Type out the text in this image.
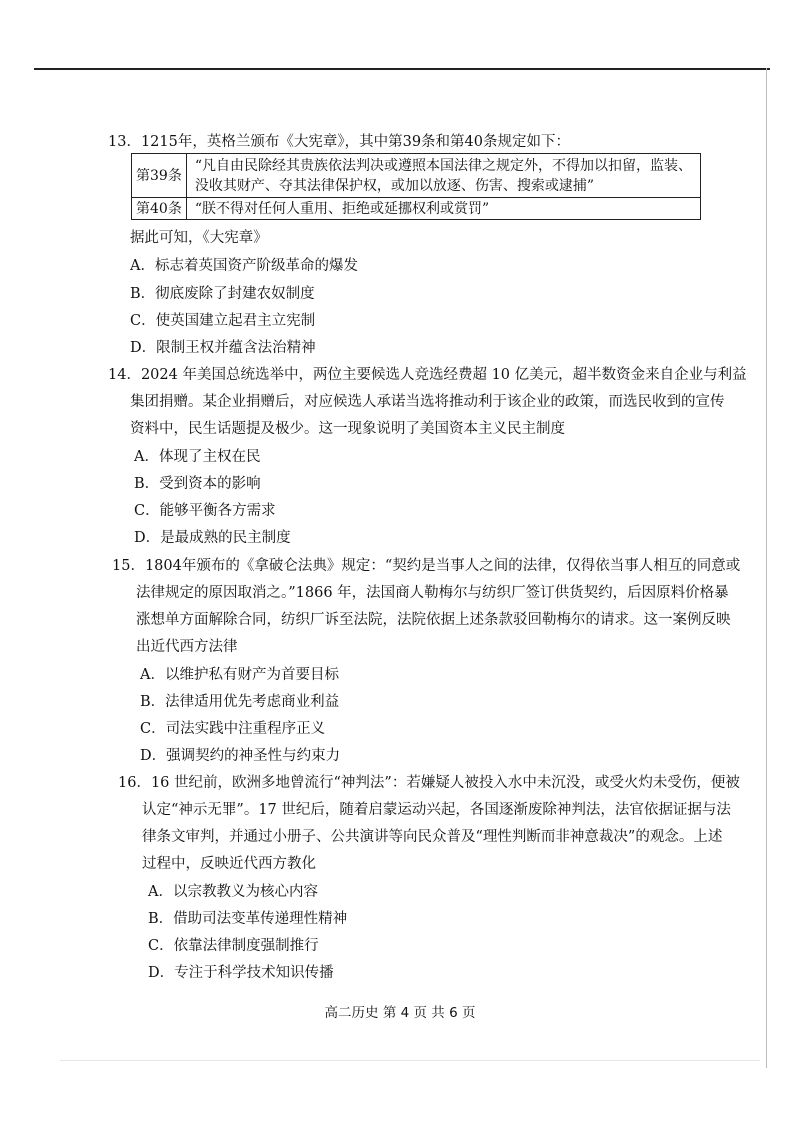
13．1215年，英格兰颁布《大宪章》，其中第39条和第40条规定如下：
第39条	“凡自由民除经其贵族依法判决或遵照本国法律之规定外，不得加以扣留，监装、
没收其财产、夺其法律保护权，或加以放逐、伤害、搜索或逮捕”

第40条	“朕不得对任何人重用、拒绝或延挪权利或赏罚”
据此可知，《大宪章》
A．标志着英国资产阶级革命的爆发
B．彻底废除了封建农奴制度
C．使英国建立起君主立宪制
D．限制王权并蕴含法治精神
14．2024 年美国总统选举中，两位主要候选人竞选经费超 10 亿美元，超半数资金来自企业与利益
集团捐赠。某企业捐赠后，对应候选人承诺当选将推动利于该企业的政策，而选民收到的宣传
资料中，民生话题提及极少。这一现象说明了美国资本主义民主制度
A．体现了主权在民
B．受到资本的影响
C．能够平衡各方需求
D．是最成熟的民主制度
15．1804年颁布的《拿破仑法典》规定：“契约是当事人之间的法律，仅得依当事人相互的同意或
法律规定的原因取消之。”1866 年，法国商人勒梅尔与纺织厂签订供货契约，后因原料价格暴
涨想单方面解除合同，纺织厂诉至法院，法院依据上述条款驳回勒梅尔的请求。这一案例反映
出近代西方法律
A．以维护私有财产为首要目标
B．法律适用优先考虑商业利益
C．司法实践中注重程序正义
D．强调契约的神圣性与约束力
16．16 世纪前，欧洲多地曾流行“神判法”：若嫌疑人被投入水中未沉没，或受火灼未受伤，便被
认定“神示无罪”。17 世纪后，随着启蒙运动兴起，各国逐渐废除神判法，法官依据证据与法
律条文审判，并通过小册子、公共演讲等向民众普及“理性判断而非神意裁决”的观念。上述
过程中，反映近代西方教化
A．以宗教教义为核心内容
B．借助司法变革传递理性精神
C．依靠法律制度强制推行
D．专注于科学技术知识传播
高二历史 第 4 页 共 6 页
